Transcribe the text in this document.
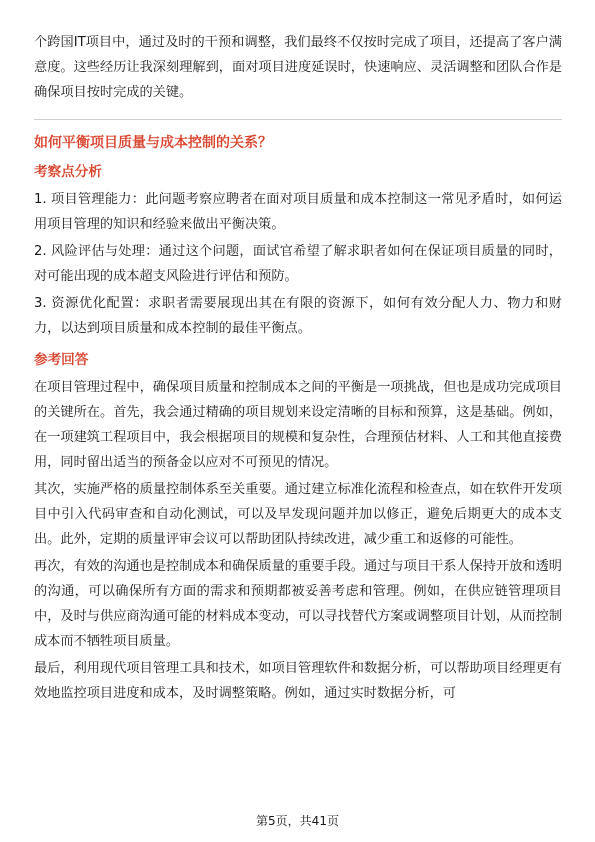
个跨国IT项目中，通过及时的干预和调整，我们最终不仅按时完成了项目，还提高了客户满意度。这些经历让我深刻理解到，面对项目进度延误时，快速响应、灵活调整和团队合作是确保项目按时完成的关键。

如何平衡项目质量与成本控制的关系？
考察点分析

1. 项目管理能力：此问题考察应聘者在面对项目质量和成本控制这一常见矛盾时，如何运用项目管理的知识和经验来做出平衡决策。

2. 风险评估与处理：通过这个问题，面试官希望了解求职者如何在保证项目质量的同时，对可能出现的成本超支风险进行评估和预防。

3. 资源优化配置：求职者需要展现出其在有限的资源下，如何有效分配人力、物力和财力，以达到项目质量和成本控制的最佳平衡点。

参考回答

在项目管理过程中，确保项目质量和控制成本之间的平衡是一项挑战，但也是成功完成项目的关键所在。首先，我会通过精确的项目规划来设定清晰的目标和预算，这是基础。例如，在一项建筑工程项目中，我会根据项目的规模和复杂性，合理预估材料、人工和其他直接费用，同时留出适当的预备金以应对不可预见的情况。

其次，实施严格的质量控制体系至关重要。通过建立标准化流程和检查点，如在软件开发项目中引入代码审查和自动化测试，可以及早发现问题并加以修正，避免后期更大的成本支出。此外，定期的质量评审会议可以帮助团队持续改进，减少重工和返修的可能性。

再次，有效的沟通也是控制成本和确保质量的重要手段。通过与项目干系人保持开放和透明的沟通，可以确保所有方面的需求和预期都被妥善考虑和管理。例如，在供应链管理项目中，及时与供应商沟通可能的材料成本变动，可以寻找替代方案或调整项目计划，从而控制成本而不牺牲项目质量。

最后，利用现代项目管理工具和技术，如项目管理软件和数据分析，可以帮助项目经理更有效地监控项目进度和成本，及时调整策略。例如，通过实时数据分析，可

第5页，共41页
